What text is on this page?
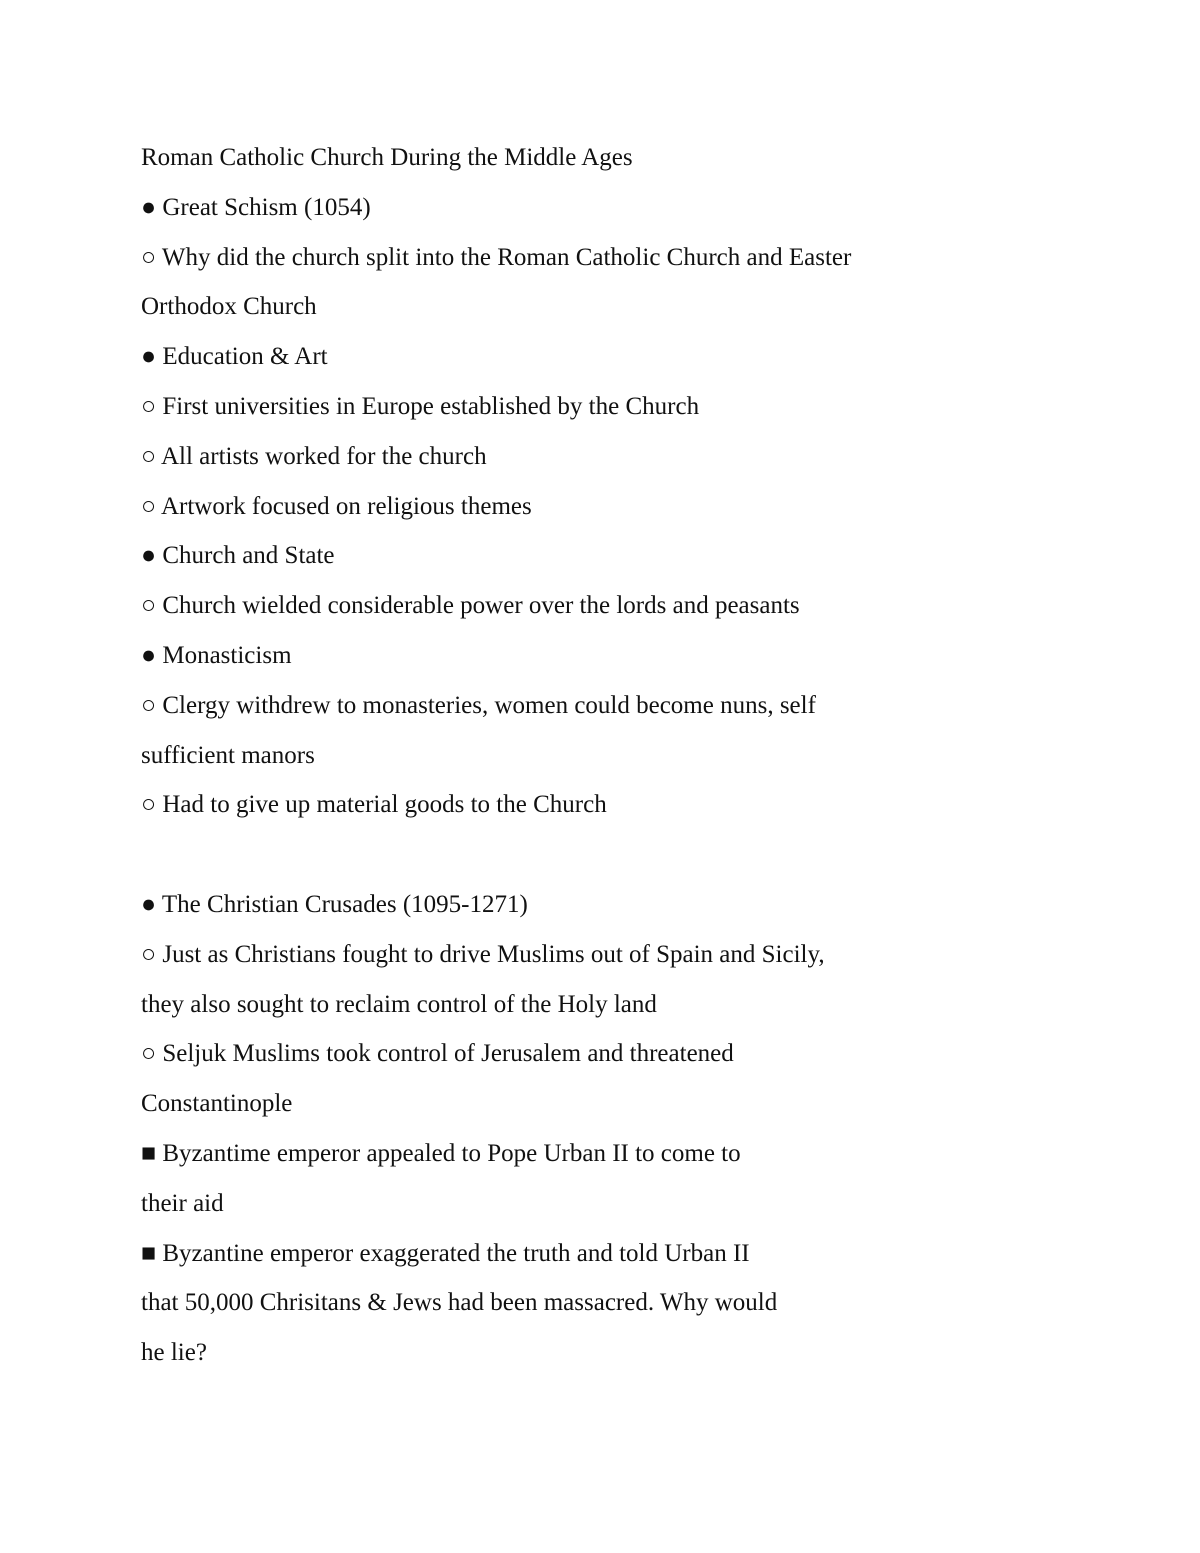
Roman Catholic Church During the Middle Ages
● Great Schism (1054)
○ Why did the church split into the Roman Catholic Church and Easter
Orthodox Church
● Education & Art
○ First universities in Europe established by the Church
○ All artists worked for the church
○ Artwork focused on religious themes
● Church and State
○ Church wielded considerable power over the lords and peasants
● Monasticism
○ Clergy withdrew to monasteries, women could become nuns, self
sufficient manors
○ Had to give up material goods to the Church
● The Christian Crusades (1095-1271)
○ Just as Christians fought to drive Muslims out of Spain and Sicily,
they also sought to reclaim control of the Holy land
○ Seljuk Muslims took control of Jerusalem and threatened
Constantinople
■ Byzantime emperor appealed to Pope Urban II to come to
their aid
■ Byzantine emperor exaggerated the truth and told Urban II
that 50,000 Chrisitans & Jews had been massacred. Why would
he lie?
